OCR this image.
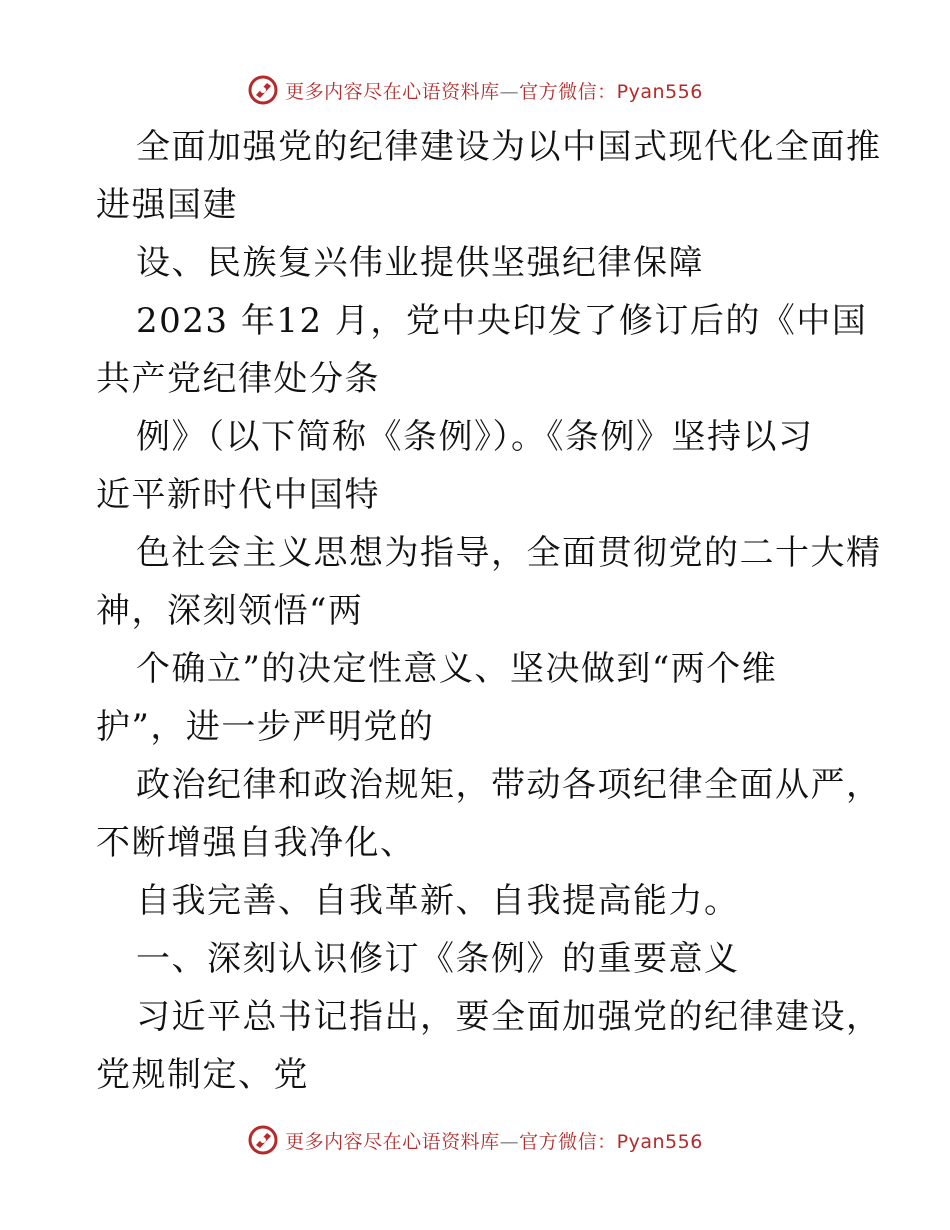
更多内容尽在心语资料库—官方微信：Pyan556
全面加强党的纪律建设为以中国式现代化全面推
进强国建
设、民族复兴伟业提供坚强纪律保障
2023 年12 月，党中央印发了修订后的《中国
共产党纪律处分条
例》（以下简称《条例》）。《条例》坚持以习
近平新时代中国特
色社会主义思想为指导，全面贯彻党的二十大精
神，深刻领悟“两
个确立”的决定性意义、坚决做到“两个维
护”，进一步严明党的
政治纪律和政治规矩，带动各项纪律全面从严，
不断增强自我净化、
自我完善、自我革新、自我提高能力。
一、深刻认识修订《条例》的重要意义
习近平总书记指出，要全面加强党的纪律建设，
党规制定、党
更多内容尽在心语资料库—官方微信：Pyan556
